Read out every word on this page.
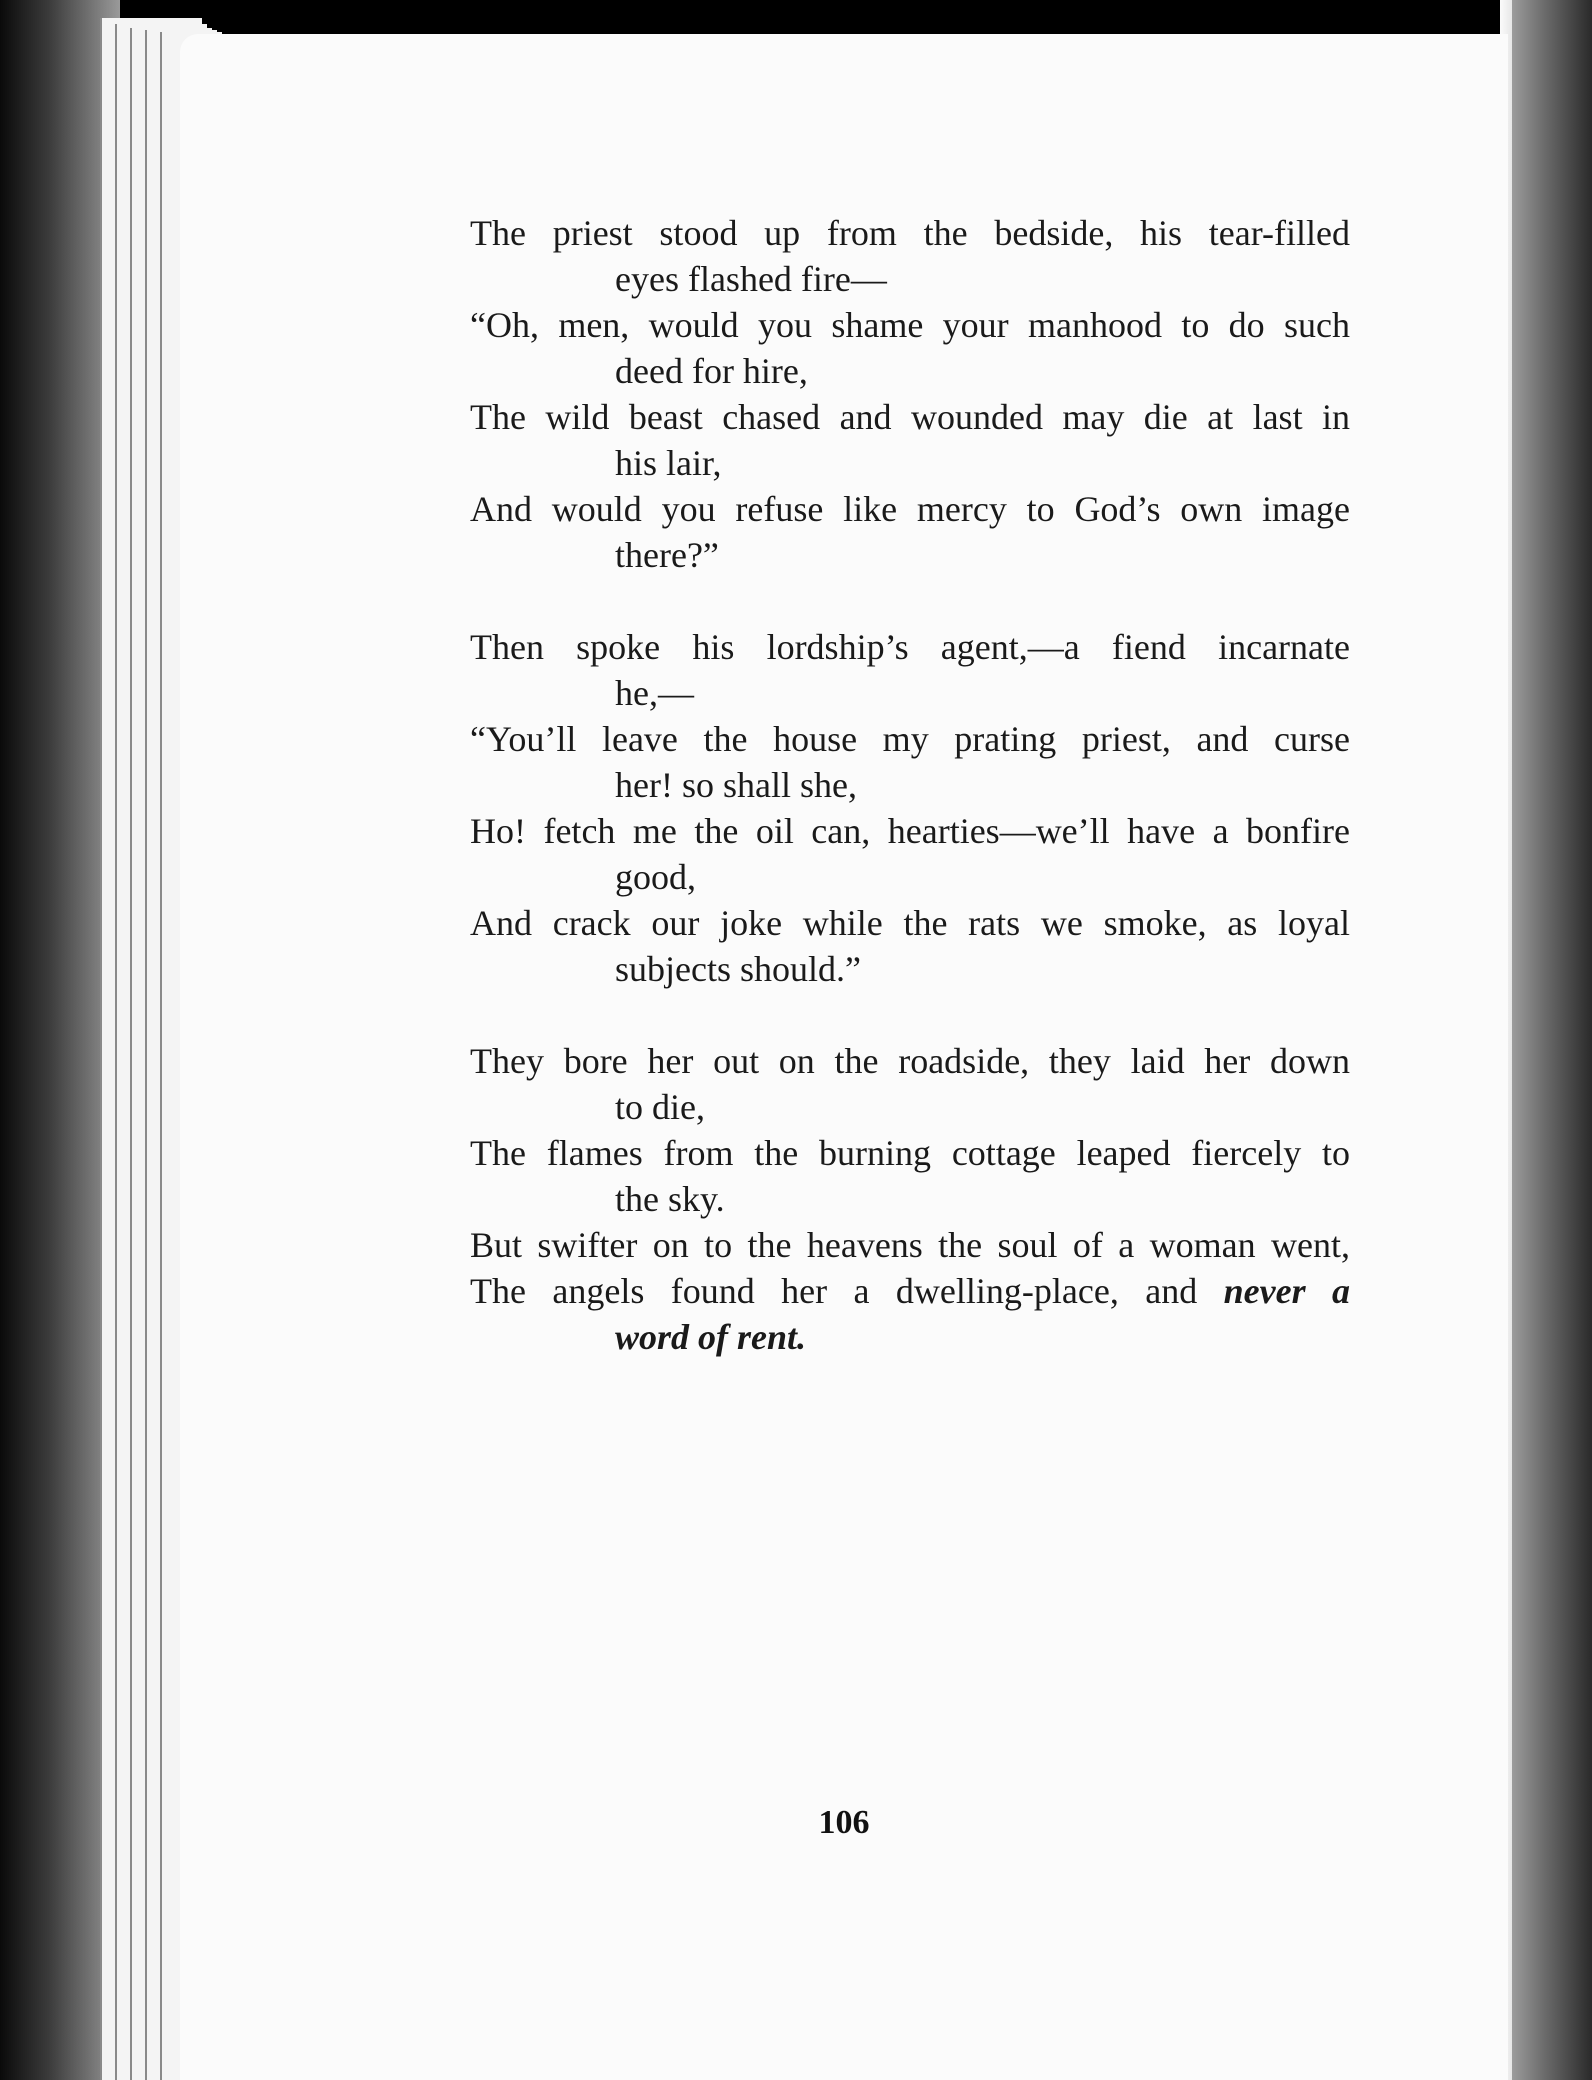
106
The priest stood up from the bedside, his tear-filled
eyes flashed fire—
“Oh, men, would you shame your manhood to do such
deed for hire,
The wild beast chased and wounded may die at last in
his lair,
And would you refuse like mercy to God’s own image
there?”
Then spoke his lordship’s agent,—a fiend incarnate
he,—
“You’ll leave the house my prating priest, and curse
her! so shall she,
Ho! fetch me the oil can, hearties—we’ll have a bonfire
good,
And crack our joke while the rats we smoke, as loyal
subjects should.”
They bore her out on the roadside, they laid her down
to die,
The flames from the burning cottage leaped fiercely to
the sky.
But swifter on to the heavens the soul of a woman went,
The angels found her a dwelling-place, and never a
word of rent.
